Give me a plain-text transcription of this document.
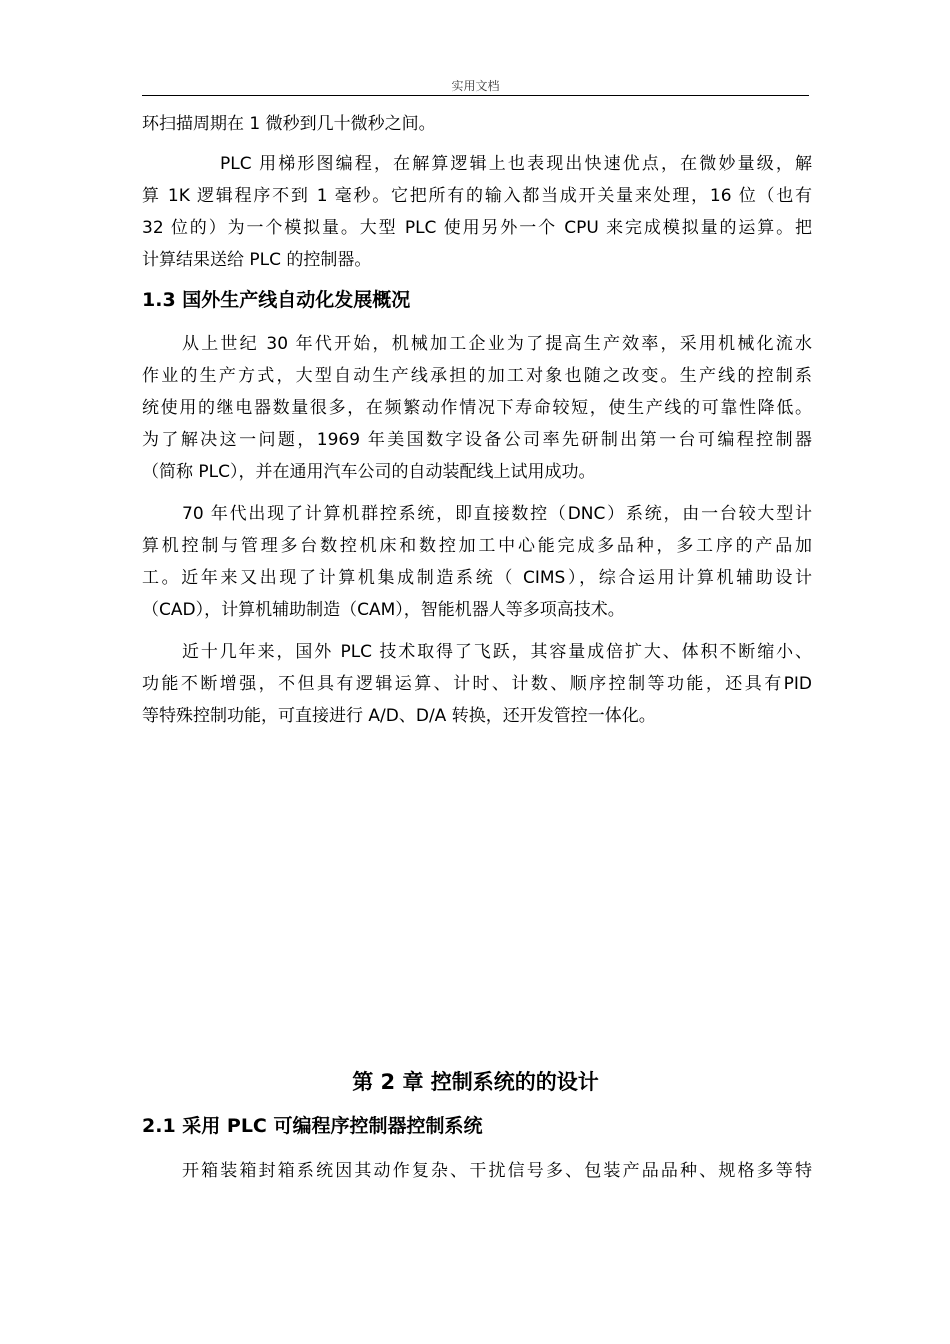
实用文档
环扫描周期在 1 微秒到几十微秒之间。
PLC 用梯形图编程，在解算逻辑上也表现出快速优点，在微妙量级，解
算 1K 逻辑程序不到 1 毫秒。它把所有的输入都当成开关量来处理，16 位（也有
32 位的）为一个模拟量。大型 PLC 使用另外一个 CPU 来完成模拟量的运算。把
计算结果送给 PLC 的控制器。
1.3 国外生产线自动化发展概况
从上世纪 30 年代开始，机械加工企业为了提高生产效率，采用机械化流水
作业的生产方式，大型自动生产线承担的加工对象也随之改变。生产线的控制系
统使用的继电器数量很多，在频繁动作情况下寿命较短，使生产线的可靠性降低。
为了解决这一问题，1969 年美国数字设备公司率先研制出第一台可编程控制器
（简称 PLC），并在通用汽车公司的自动装配线上试用成功。
70 年代出现了计算机群控系统，即直接数控（DNC）系统，由一台较大型计
算机控制与管理多台数控机床和数控加工中心能完成多品种，多工序的产品加
工。近年来又出现了计算机集成制造系统（ CIMS），综合运用计算机辅助设计
（CAD），计算机辅助制造（CAM），智能机器人等多项高技术。
近十几年来，国外 PLC 技术取得了飞跃，其容量成倍扩大、体积不断缩小、
功能不断增强，不但具有逻辑运算、计时、计数、顺序控制等功能，还具有PID
等特殊控制功能，可直接进行 A/D、D/A 转换，还开发管控一体化。
第 2 章 控制系统的的设计
2.1 采用 PLC 可编程序控制器控制系统
开箱装箱封箱系统因其动作复杂、干扰信号多、包装产品品种、规格多等特
